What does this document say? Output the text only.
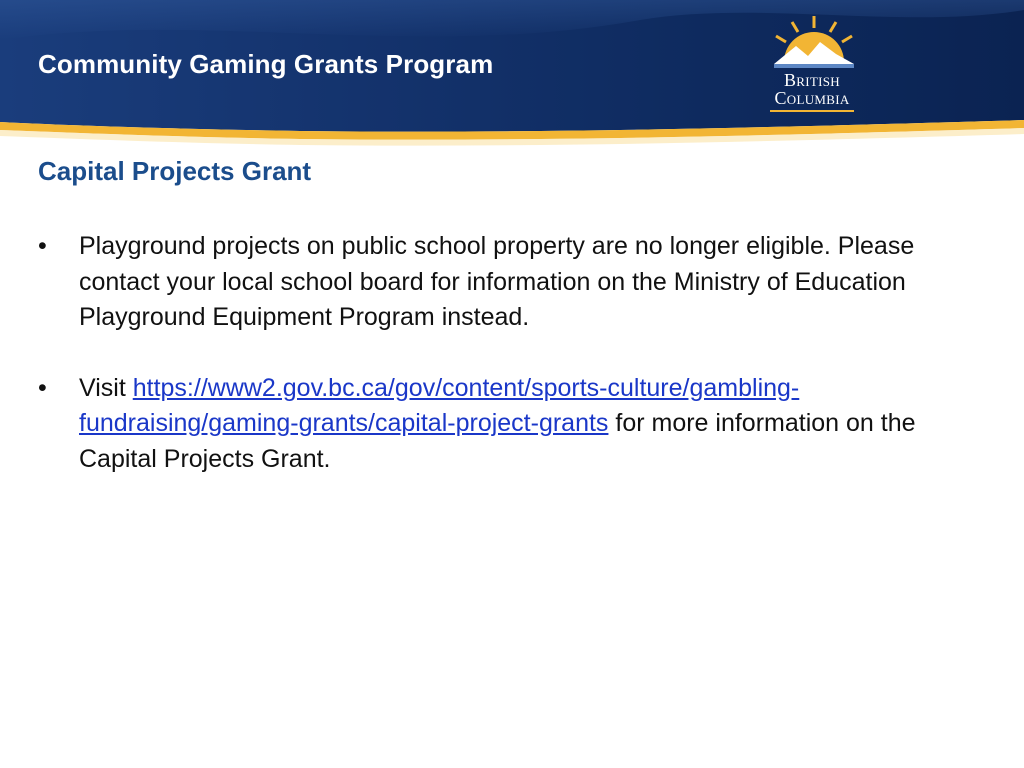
Community Gaming Grants Program
British
Columbia
Capital Projects Grant
• Playground projects on public school property are no longer eligible. Please contact your local school board for information on the Ministry of Education Playground Equipment Program instead.
• Visit https://www2.gov.bc.ca/gov/content/sports-culture/gambling-fundraising/gaming-grants/capital-project-grants for more information on the Capital Projects Grant.
